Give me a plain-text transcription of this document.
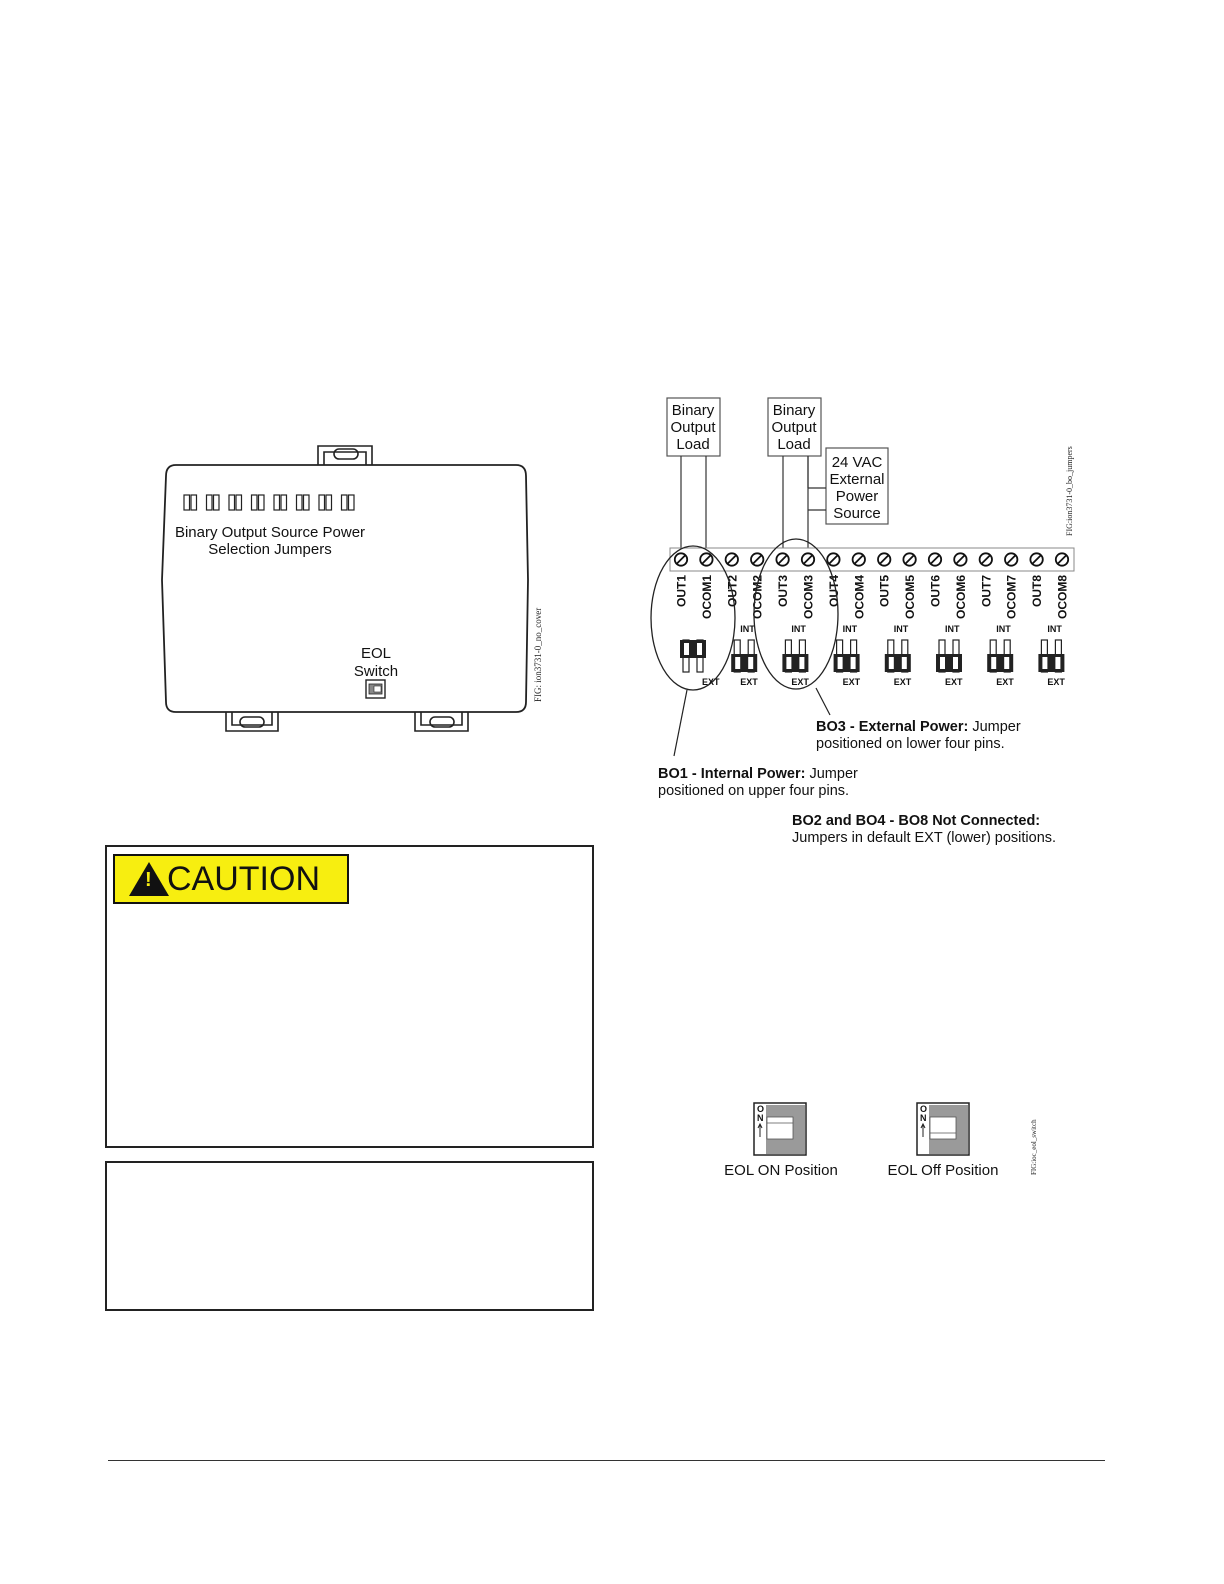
Binary Output Source Power
Selection Jumpers
EOL
Switch	FIG: ion3731-0_no_cover
Binary
Output
Load
Binary
Output
Load
24 VAC
External
Power
Source
OUT1 OCOM1 OUT2 OCOM2 OUT3 OCOM3 OUT4 OCOM4 OUT5 OCOM5 OUT6 OCOM6 OUT7 OCOM7 OUT8 OCOM8
EXT
INT
EXT
INT
EXT
INT
EXT
INT
EXT
INT
EXT
INT
EXT
INT
EXT
BO3 - External Power: Jumper
positioned on lower four pins.
BO1 - Internal Power: Jumper
positioned on upper four pins.
BO2 and BO4 - BO8 Not Connected:
Jumpers in default EXT (lower) positions.
FIG:ion3731-0_bo_jumpers
O
N
O
N
EOL ON Position	EOL Off Position	FIG:ioc_eol_switch
! CAUTION
